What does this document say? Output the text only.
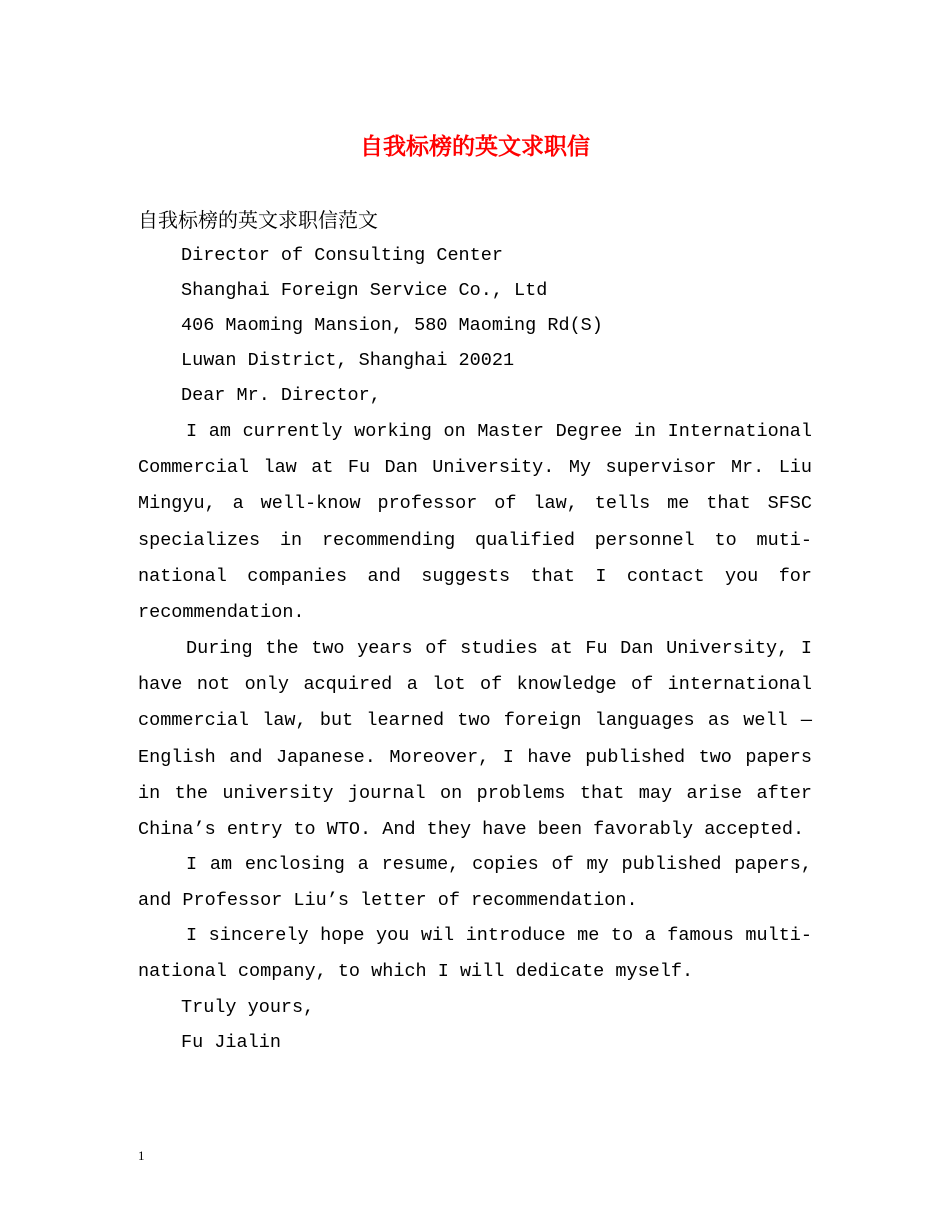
自我标榜的英文求职信
自我标榜的英文求职信范文
Director of Consulting Center
Shanghai Foreign Service Co., Ltd
406 Maoming Mansion, 580 Maoming Rd(S)
Luwan District, Shanghai 20021
Dear Mr. Director,

I am currently working on Master Degree in International Commercial law at Fu Dan University. My supervisor Mr. Liu Mingyu, a well-know professor of law, tells me that SFSC specializes in recommending qualified personnel to muti-national companies and suggests that I contact you for recommendation.

During the two years of studies at Fu Dan University, I have not only acquired a lot of knowledge of international commercial law, but learned two foreign languages as well — English and Japanese. Moreover, I have published two papers in the university journal on problems that may arise after China’s entry to WTO. And they have been favorably accepted.

I am enclosing a resume, copies of my published papers, and Professor Liu’s letter of recommendation.

I sincerely hope you wil introduce me to a famous multi-national company, to which I will dedicate myself.

Truly yours,
Fu Jialin
1
